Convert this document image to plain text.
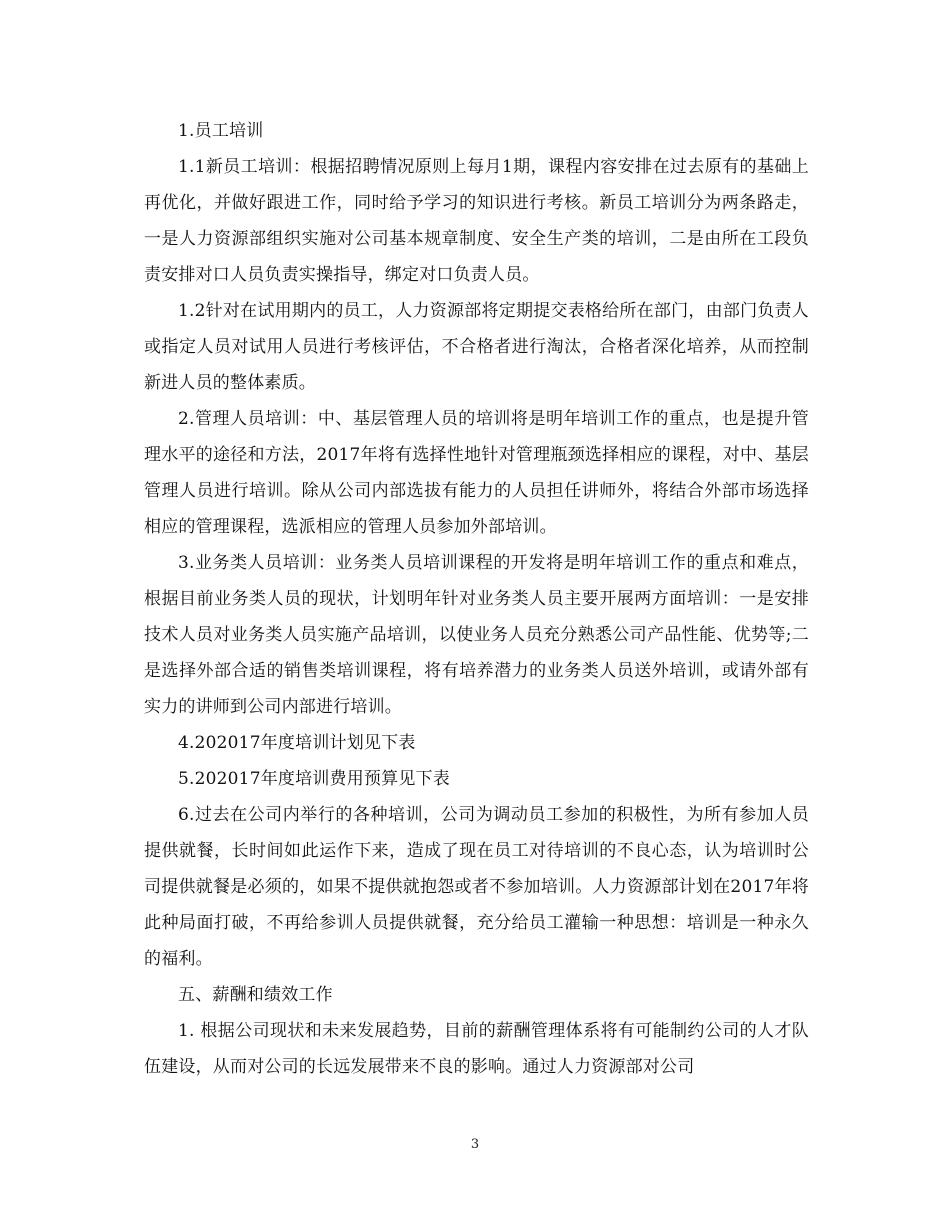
1.员工培训

1.1新员工培训：根据招聘情况原则上每月1期，课程内容安排在过去原有的基础上再优化，并做好跟进工作，同时给予学习的知识进行考核。新员工培训分为两条路走，一是人力资源部组织实施对公司基本规章制度、安全生产类的培训，二是由所在工段负责安排对口人员负责实操指导，绑定对口负责人员。

1.2针对在试用期内的员工，人力资源部将定期提交表格给所在部门，由部门负责人或指定人员对试用人员进行考核评估，不合格者进行淘汰，合格者深化培养，从而控制新进人员的整体素质。

2.管理人员培训：中、基层管理人员的培训将是明年培训工作的重点，也是提升管理水平的途径和方法，2017年将有选择性地针对管理瓶颈选择相应的课程，对中、基层管理人员进行培训。除从公司内部选拔有能力的人员担任讲师外，将结合外部市场选择相应的管理课程，选派相应的管理人员参加外部培训。

3.业务类人员培训：业务类人员培训课程的开发将是明年培训工作的重点和难点，根据目前业务类人员的现状，计划明年针对业务类人员主要开展两方面培训：一是安排技术人员对业务类人员实施产品培训，以使业务人员充分熟悉公司产品性能、优势等;二是选择外部合适的销售类培训课程，将有培养潜力的业务类人员送外培训，或请外部有实力的讲师到公司内部进行培训。

4.202017年度培训计划见下表

5.202017年度培训费用预算见下表

6.过去在公司内举行的各种培训，公司为调动员工参加的积极性，为所有参加人员提供就餐，长时间如此运作下来，造成了现在员工对待培训的不良心态，认为培训时公司提供就餐是必须的，如果不提供就抱怨或者不参加培训。人力资源部计划在2017年将此种局面打破，不再给参训人员提供就餐，充分给员工灌输一种思想：培训是一种永久的福利。

五、薪酬和绩效工作

1. 根据公司现状和未来发展趋势，目前的薪酬管理体系将有可能制约公司的人才队伍建设，从而对公司的长远发展带来不良的影响。通过人力资源部对公司

3
